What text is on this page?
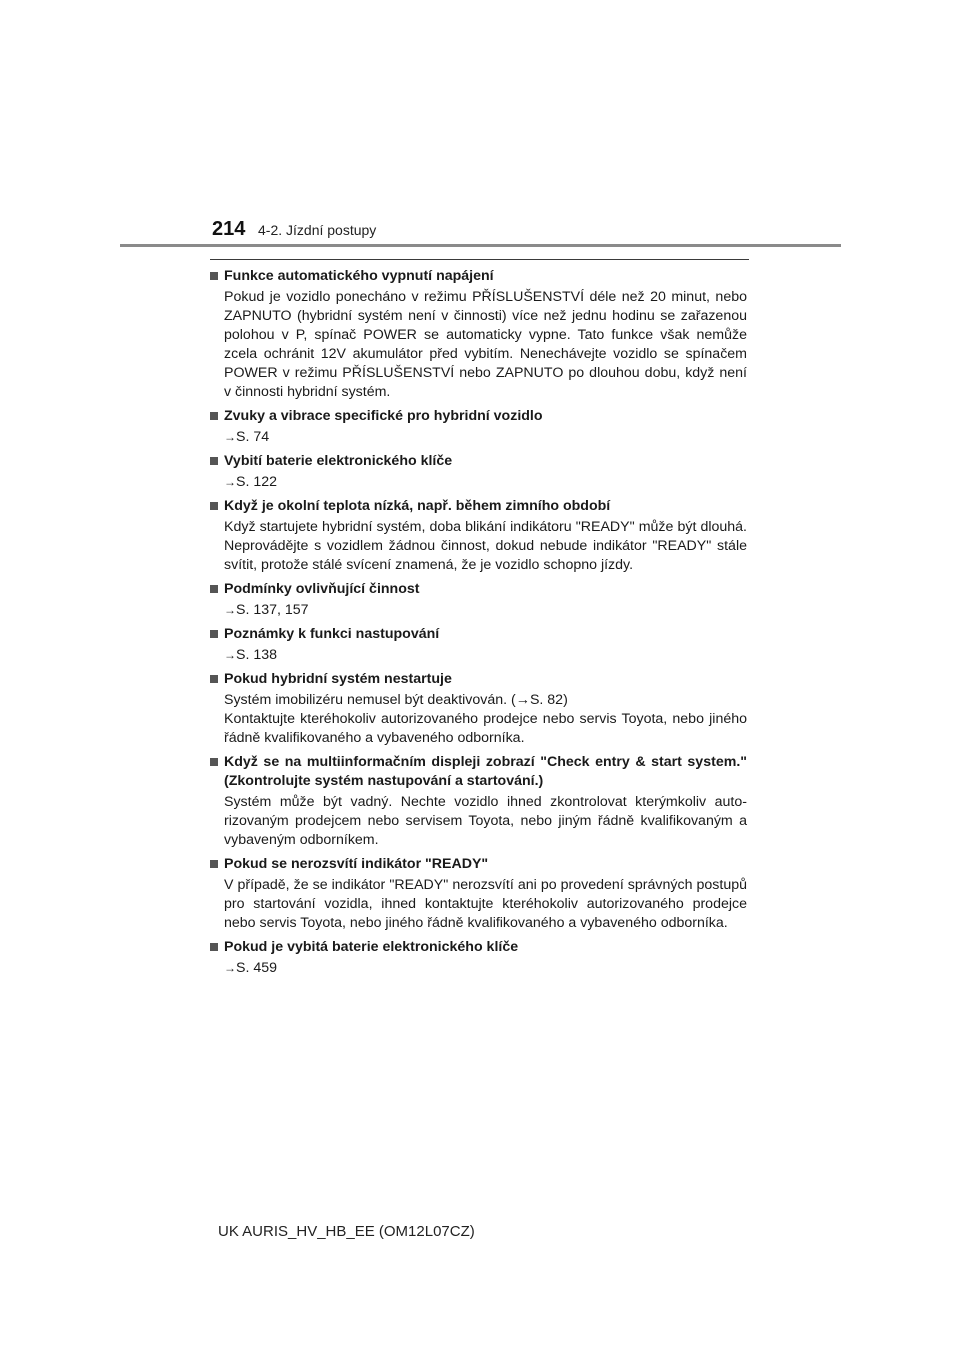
214 4-2. Jízdní postupy
Funkce automatického vypnutí napájení

Pokud je vozidlo ponecháno v režimu PŘÍSLUŠENSTVÍ déle než 20 minut, nebo ZAPNUTO (hybridní systém není v činnosti) více než jednu hodinu se zařazenou polohou v P, spínač POWER se automaticky vypne. Tato funkce však nemůže zcela ochránit 12V akumulátor před vybitím. Nenechávejte vozidlo se spínačem POWER v režimu PŘÍSLUŠENSTVÍ nebo ZAPNUTO po dlouhou dobu, když není v činnosti hybridní systém.

Zvuky a vibrace specifické pro hybridní vozidlo
→S. 74
Vybití baterie elektronického klíče
→S. 122
Když je okolní teplota nízká, např. během zimního období

Když startujete hybridní systém, doba blikání indikátoru "READY" může být dlouhá. Neprovádějte s vozidlem žádnou činnost, dokud nebude indikátor "READY" stále svítit, protože stálé svícení znamená, že je vozidlo schopno jízdy.

Podmínky ovlivňující činnost
→S. 137, 157
Poznámky k funkci nastupování
→S. 138
Pokud hybridní systém nestartuje

Systém imobilizéru nemusel být deaktivován. (→S. 82)

Kontaktujte kteréhokoliv autorizovaného prodejce nebo servis Toyota, nebo jiného řádně kvalifikovaného a vybaveného odborníka.

Když se na multiinformačním displeji zobrazí "Check entry & start system." (Zkontrolujte systém nastupování a startování.)

Systém může být vadný. Nechte vozidlo ihned zkontrolovat kterýmkoliv autorizovaným prodejcem nebo servisem Toyota, nebo jiným řádně kvalifikovaným a vybaveným odborníkem.

Pokud se nerozsvítí indikátor "READY"

V případě, že se indikátor "READY" nerozsvítí ani po provedení správných postupů pro startování vozidla, ihned kontaktujte kteréhokoliv autorizovaného prodejce nebo servis Toyota, nebo jiného řádně kvalifikovaného a vybaveného odborníka.

Pokud je vybitá baterie elektronického klíče
→S. 459
UK AURIS_HV_HB_EE (OM12L07CZ)
